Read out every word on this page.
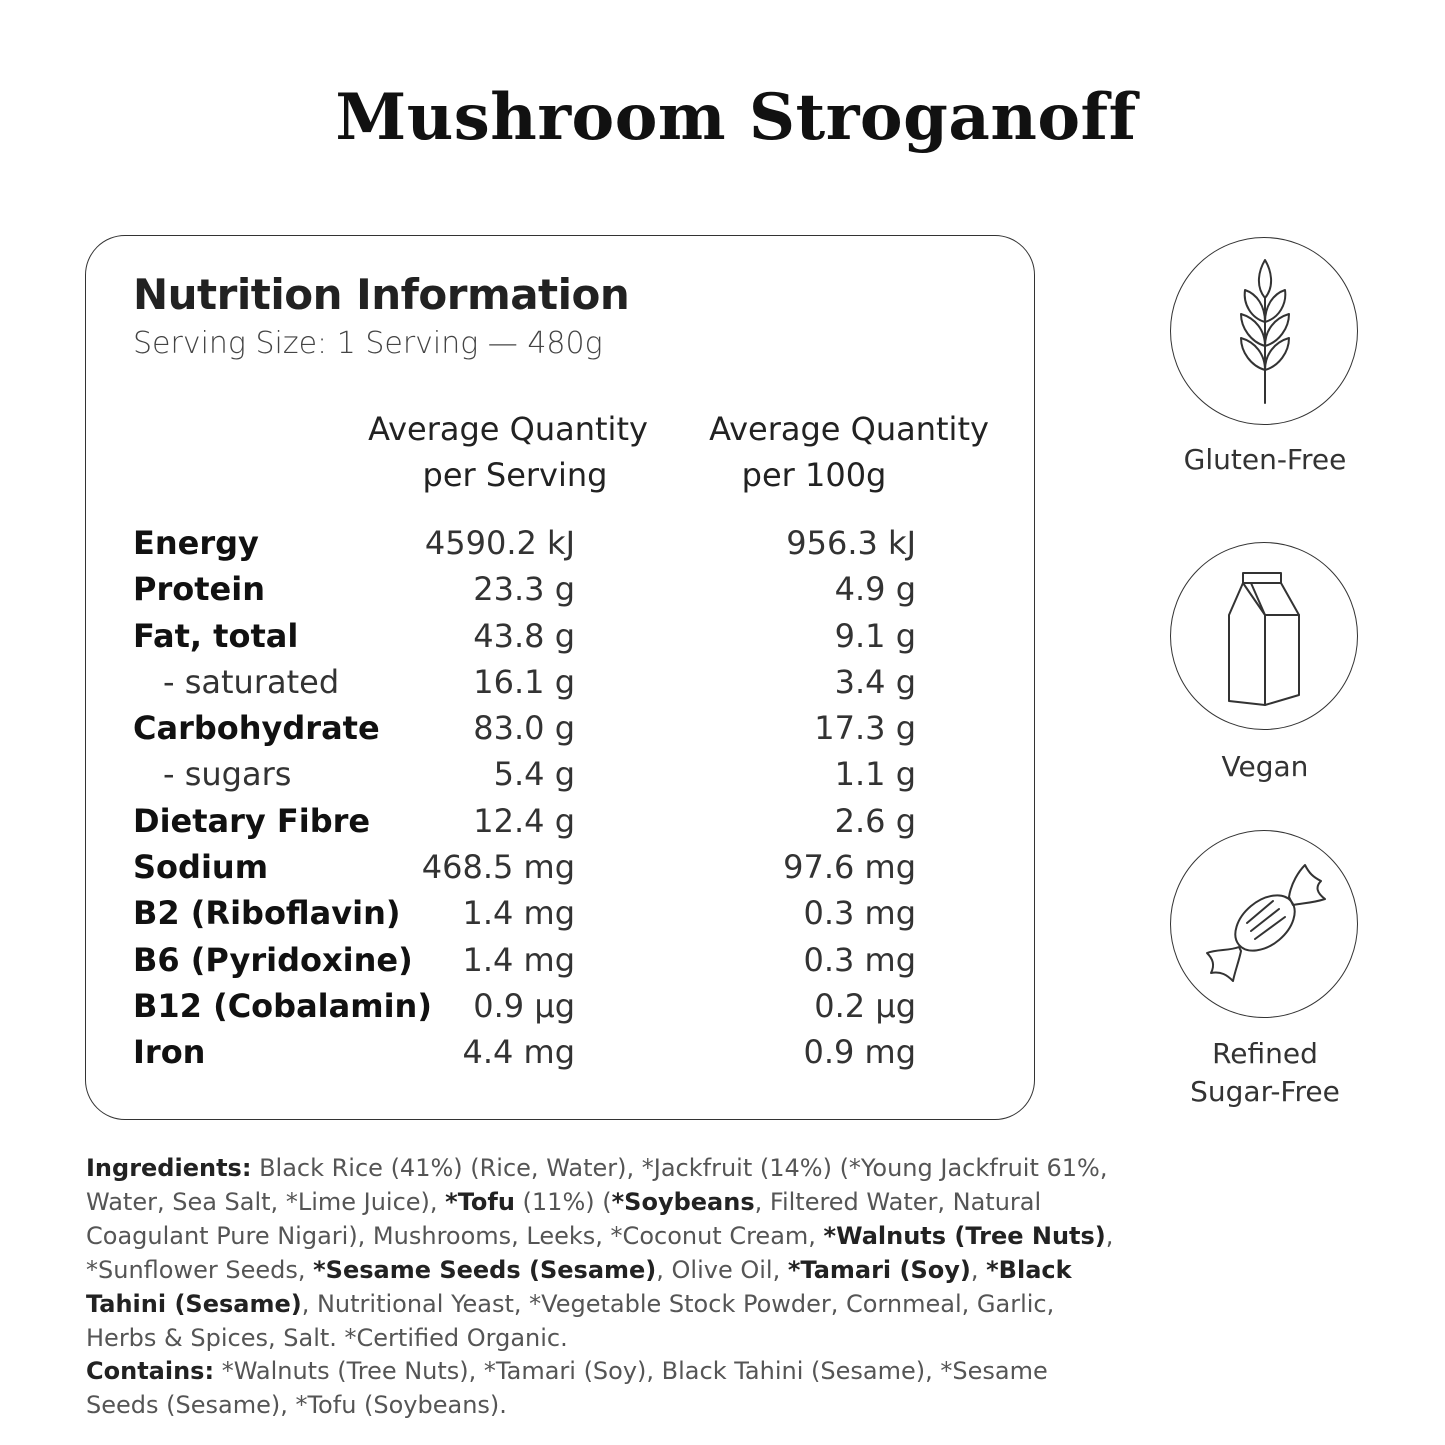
Mushroom Stroganoff
Nutrition Information
Serving Size: 1 Serving — 480g
Average Quantity
per Serving
Average Quantity
per 100g
Energy	4590.2 kJ	956.3 kJ
Protein	23.3 g	4.9 g
Fat, total	43.8 g	9.1 g
- saturated	16.1 g	3.4 g
Carbohydrate	83.0 g	17.3 g
- sugars	5.4 g	1.1 g
Dietary Fibre	12.4 g	2.6 g
Sodium	468.5 mg	97.6 mg
B2 (Riboflavin) 1.4 mg	0.3 mg
B6 (Pyridoxine) 1.4 mg	0.3 mg
B12 (Cobalamin) 0.9 µg	0.2 µg
Iron	4.4 mg	0.9 mg
Gluten-Free
Vegan
Refined
Sugar-Free
Ingredients: Black Rice (41%) (Rice, Water), *Jackfruit (14%) (*Young Jackfruit 61%, Water, Sea Salt, *Lime Juice), *Tofu (11%) (*Soybeans, Filtered Water, Natural Coagulant Pure Nigari), Mushrooms, Leeks, *Coconut Cream, *Walnuts (Tree Nuts), *Sunflower Seeds, *Sesame Seeds (Sesame), Olive Oil, *Tamari (Soy), *Black Tahini (Sesame), Nutritional Yeast, *Vegetable Stock Powder, Cornmeal, Garlic, Herbs & Spices, Salt. *Certified Organic.
Contains: *Walnuts (Tree Nuts), *Tamari (Soy), Black Tahini (Sesame), *Sesame Seeds (Sesame), *Tofu (Soybeans).
